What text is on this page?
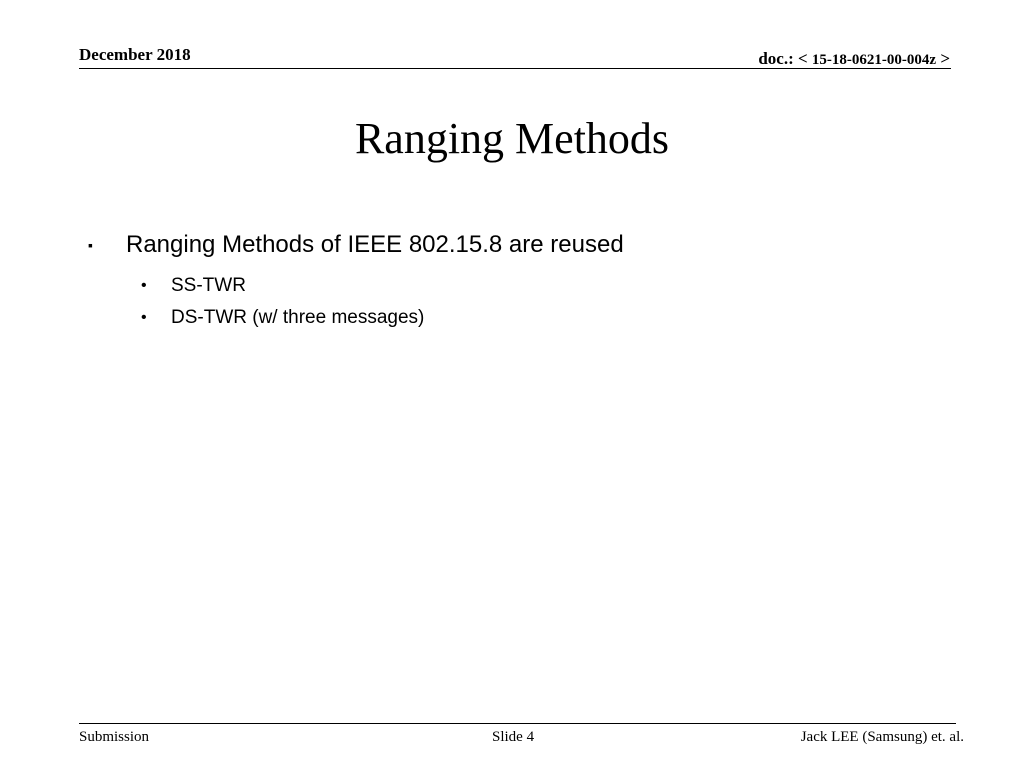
December 2018	doc.: < 15-18-0621-00-004z >
Ranging Methods
▪ Ranging Methods of IEEE 802.15.8 are reused
• SS-TWR
• DS-TWR (w/ three messages)
Submission	Slide 4	Jack LEE (Samsung) et. al.
